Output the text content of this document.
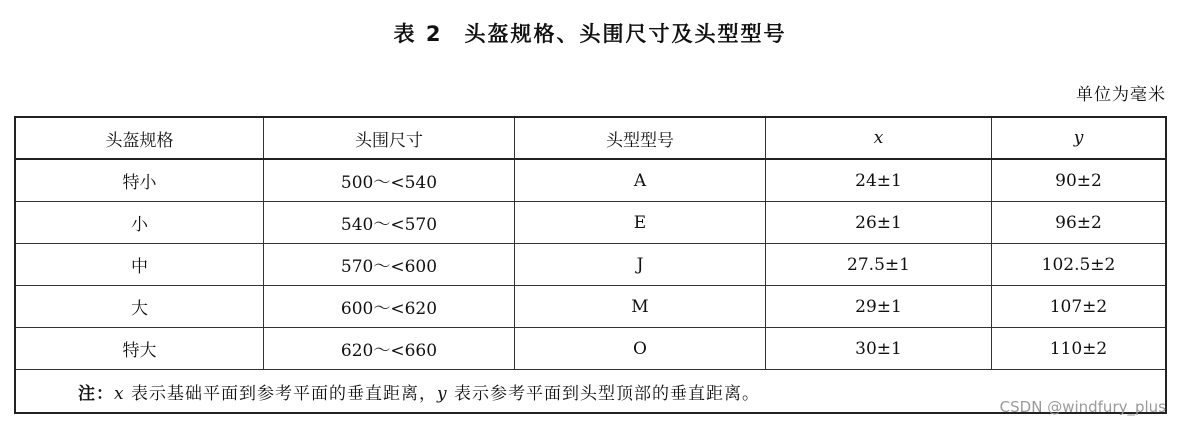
表 2 头盔规格、头围尺寸及头型型号
单位为毫米
头盔规格	头围尺寸	头型型号	x	y
特小	500～<540	A	24±1	90±2
小	540～<570	E	26±1	96±2
中	570～<600	J	27.5±1	102.5±2
大	600～<620	M	29±1	107±2
特大	620～<660	O	30±1	110±2
注：x 表示基础平面到参考平面的垂直距离，y 表示参考平面到头型顶部的垂直距离。				
CSDN @windfury_plus
